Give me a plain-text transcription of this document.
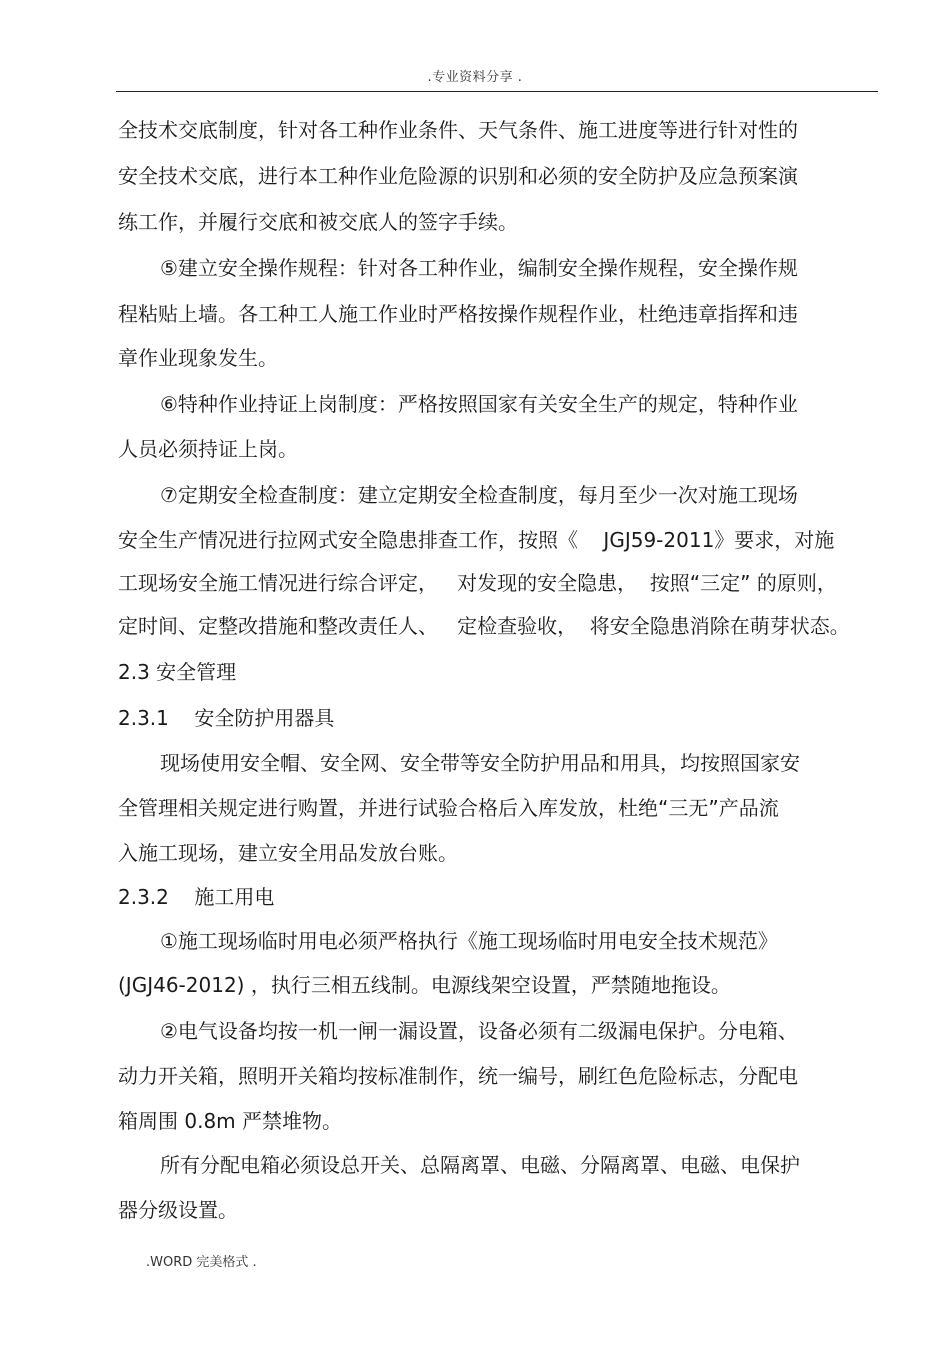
.专业资料分享 .
全技术交底制度，针对各工种作业条件、天气条件、施工进度等进行针对性的
安全技术交底，进行本工种作业危险源的识别和必须的安全防护及应急预案演
练工作，并履行交底和被交底人的签字手续。
⑤建立安全操作规程：针对各工种作业，编制安全操作规程，安全操作规
程粘贴上墙。各工种工人施工作业时严格按操作规程作业，杜绝违章指挥和违
章作业现象发生。
⑥特种作业持证上岗制度：严格按照国家有关安全生产的规定，特种作业
人员必须持证上岗。
⑦定期安全检查制度：建立定期安全检查制度，每月至少一次对施工现场
安全生产情况进行拉网式安全隐患排查工作，按照《    JGJ59-2011》要求，对施
工现场安全施工情况进行综合评定，   对发现的安全隐患，  按照“三定” 的原则，
定时间、定整改措施和整改责任人、   定检查验收，  将安全隐患消除在萌芽状态。
2.3 安全管理
2.3.1    安全防护用器具
现场使用安全帽、安全网、安全带等安全防护用品和用具，均按照国家安
全管理相关规定进行购置，并进行试验合格后入库发放，杜绝“三无”产品流
入施工现场，建立安全用品发放台账。
2.3.2    施工用电
①施工现场临时用电必须严格执行《施工现场临时用电安全技术规范》
(JGJ46-2012) ，执行三相五线制。电源线架空设置，严禁随地拖设。
②电气设备均按一机一闸一漏设置，设备必须有二级漏电保护。分电箱、
动力开关箱，照明开关箱均按标准制作，统一编号，刷红色危险标志，分配电
箱周围 0.8m 严禁堆物。
所有分配电箱必须设总开关、总隔离罩、电磁、分隔离罩、电磁、电保护
器分级设置。
.WORD 完美格式 .
